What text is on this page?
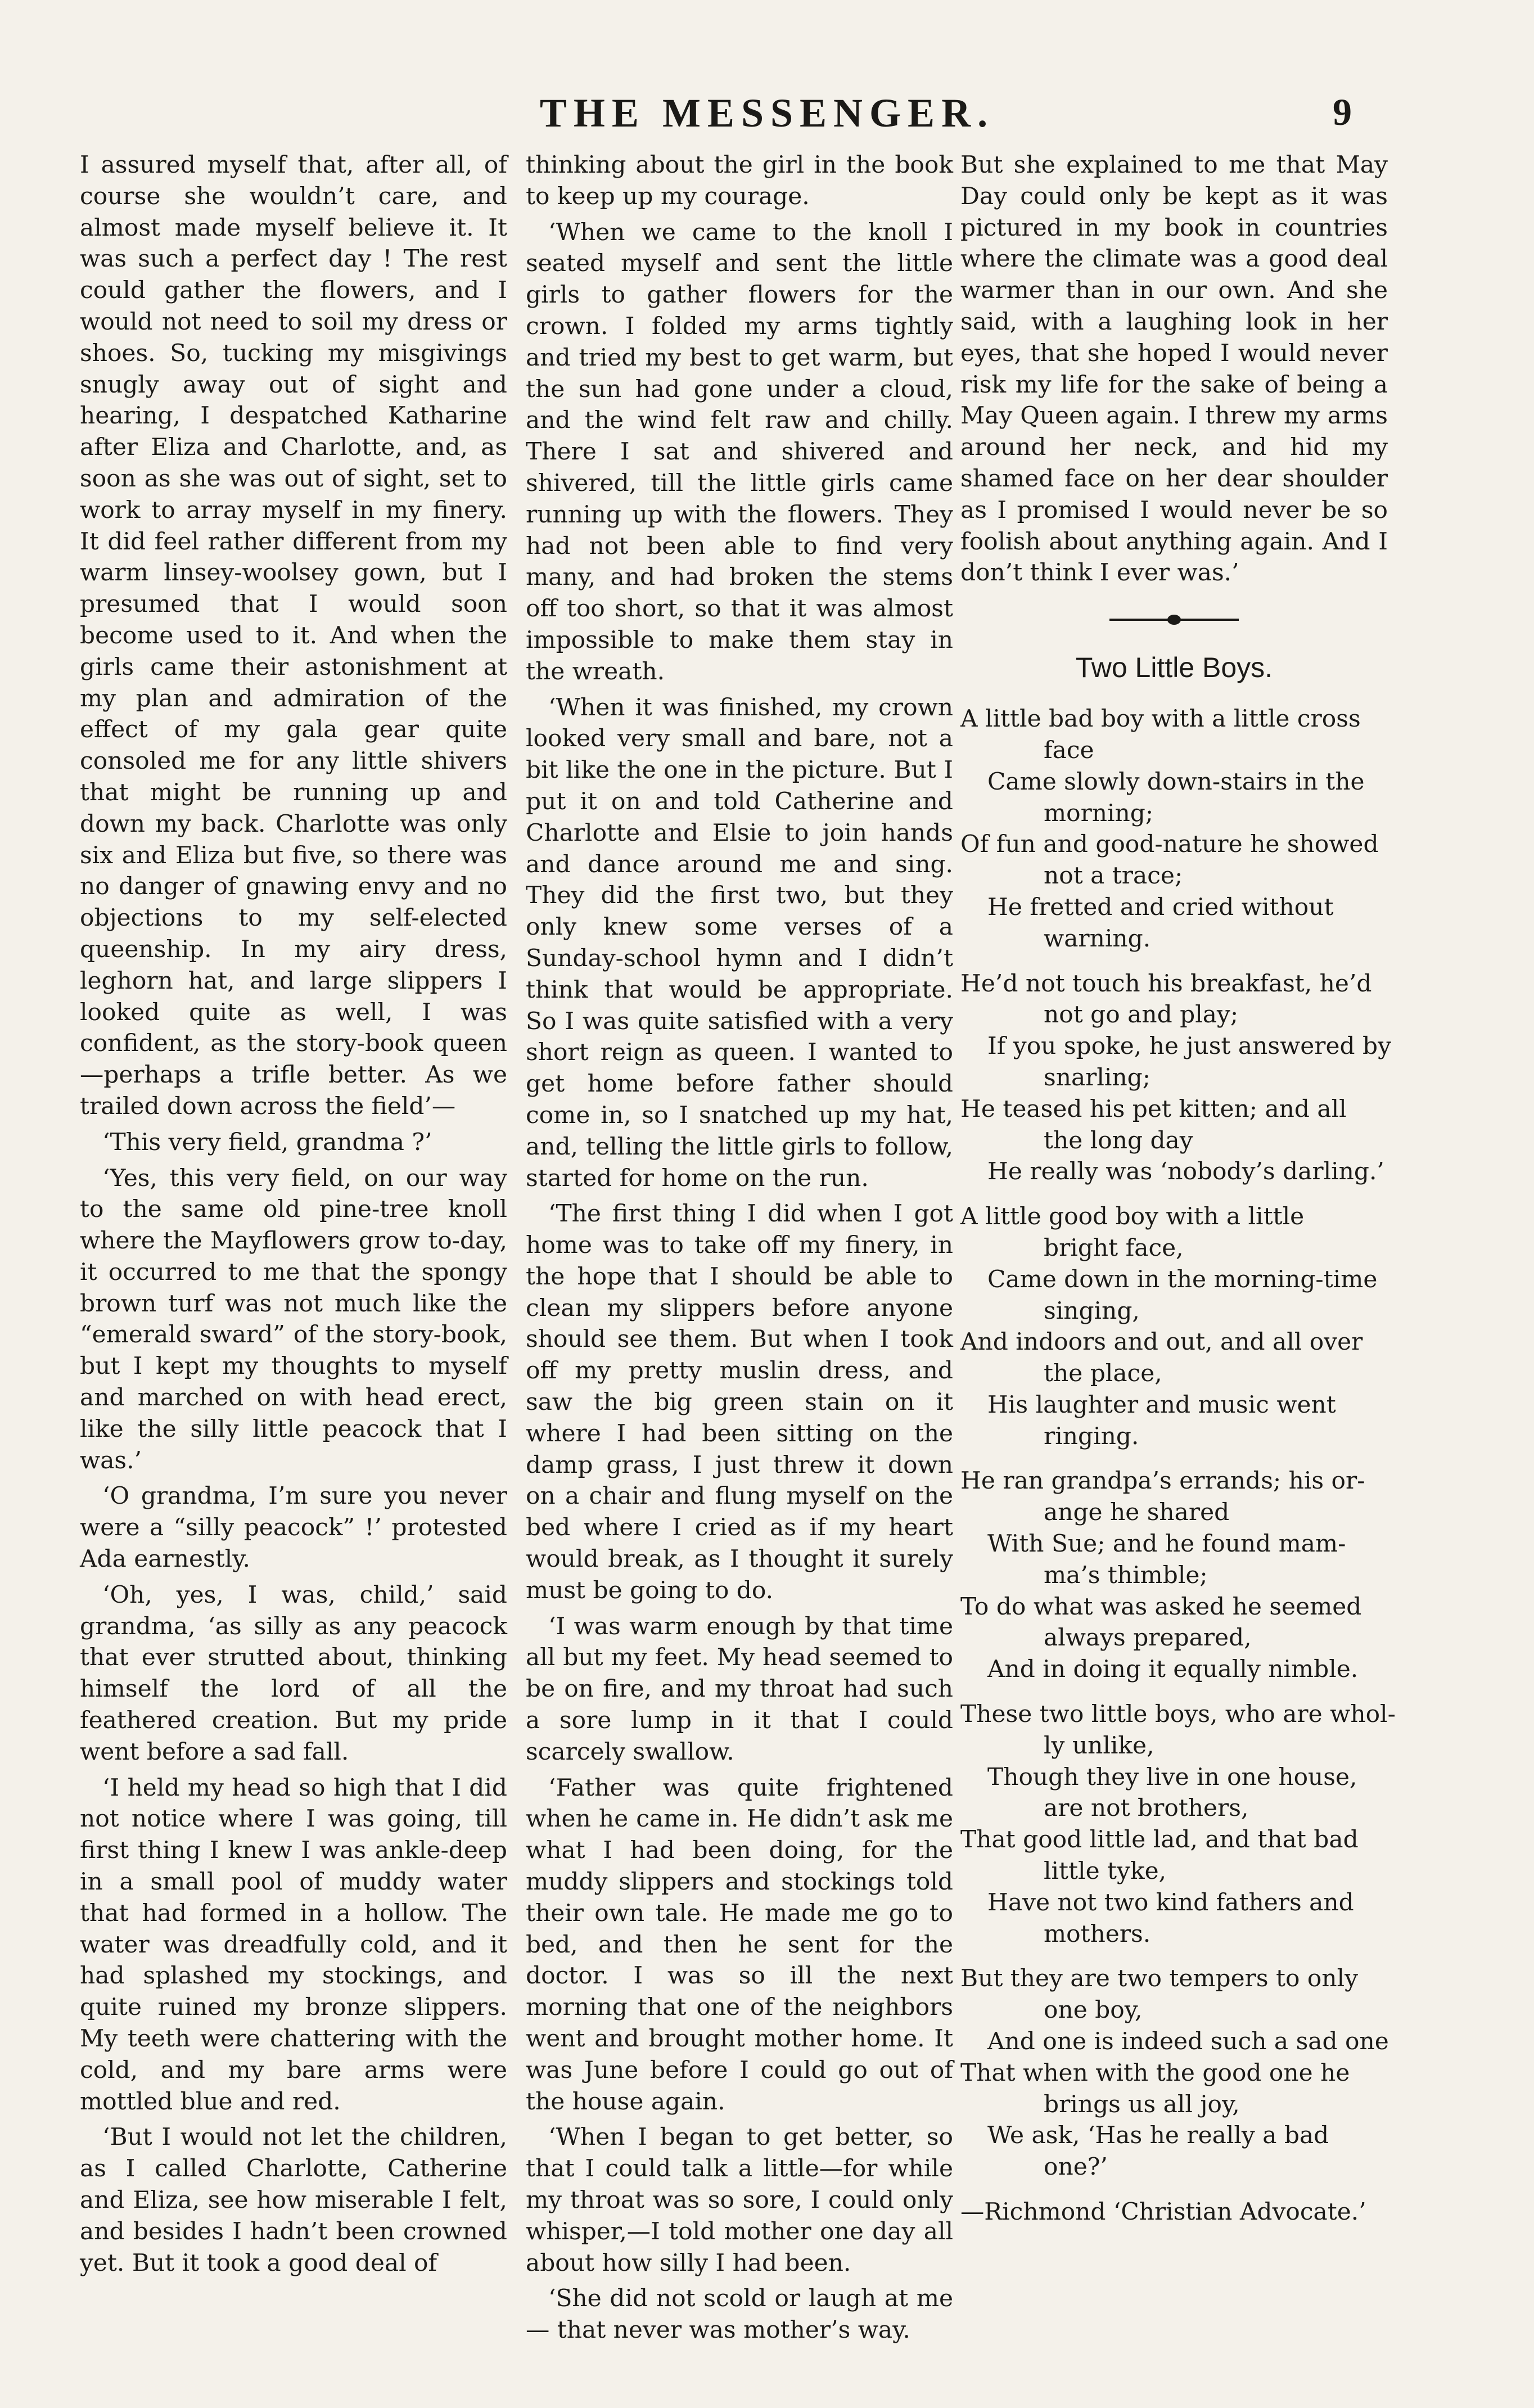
THE MESSENGER.	9

I assured myself that, after all, of course she wouldn’t care, and almost made myself believe it. It was such a perfect day ! The rest could gather the flowers, and I would not need to soil my dress or shoes. So, tucking my misgivings snugly away out of sight and hearing, I despatched Katharine after Eliza and Charlotte, and, as soon as she was out of sight, set to work to array myself in my finery. It did feel rather different from my warm linsey-woolsey gown, but I presumed that I would soon become used to it. And when the girls came their astonishment at my plan and admiration of the effect of my gala gear quite consoled me for any little shivers that might be running up and down my back. Charlotte was only six and Eliza but five, so there was no danger of gnawing envy and no objections to my self-elected queenship. In my airy dress, leghorn hat, and large slippers I looked quite as well, I was confident, as the story-book queen —perhaps a trifle better. As we trailed down across the field’—

‘This very field, grandma ?’

‘Yes, this very field, on our way to the same old pine-tree knoll where the Mayflowers grow to-day, it occurred to me that the spongy brown turf was not much like the “emerald sward” of the story-book, but I kept my thoughts to myself and marched on with head erect, like the silly little peacock that I was.’

‘O grandma, I’m sure you never were a “silly peacock” !’ protested Ada earnestly.

‘Oh, yes, I was, child,’ said grandma, ‘as silly as any peacock that ever strutted about, thinking himself the lord of all the feathered creation. But my pride went before a sad fall.

‘I held my head so high that I did not notice where I was going, till first thing I knew I was ankle-deep in a small pool of muddy water that had formed in a hollow. The water was dreadfully cold, and it had splashed my stockings, and quite ruined my bronze slippers. My teeth were chattering with the cold, and my bare arms were mottled blue and red.

‘But I would not let the children, as I called Charlotte, Catherine and Eliza, see how miserable I felt, and besides I hadn’t been crowned yet. But it took a good deal of

thinking about the girl in the book to keep up my courage.

‘When we came to the knoll I seated myself and sent the little girls to gather flowers for the crown. I folded my arms tightly and tried my best to get warm, but the sun had gone under a cloud, and the wind felt raw and chilly. There I sat and shivered and shivered, till the little girls came running up with the flowers. They had not been able to find very many, and had broken the stems off too short, so that it was almost impossible to make them stay in the wreath.

‘When it was finished, my crown looked very small and bare, not a bit like the one in the picture. But I put it on and told Catherine and Charlotte and Elsie to join hands and dance around me and sing. They did the first two, but they only knew some verses of a Sunday-school hymn and I didn’t think that would be appropriate. So I was quite satisfied with a very short reign as queen. I wanted to get home before father should come in, so I snatched up my hat, and, telling the little girls to follow, started for home on the run.

‘The first thing I did when I got home was to take off my finery, in the hope that I should be able to clean my slippers before anyone should see them. But when I took off my pretty muslin dress, and saw the big green stain on it where I had been sitting on the damp grass, I just threw it down on a chair and flung myself on the bed where I cried as if my heart would break, as I thought it surely must be going to do.

‘I was warm enough by that time all but my feet. My head seemed to be on fire, and my throat had such a sore lump in it that I could scarcely swallow.

‘Father was quite frightened when he came in. He didn’t ask me what I had been doing, for the muddy slippers and stockings told their own tale. He made me go to bed, and then he sent for the doctor. I was so ill the next morning that one of the neighbors went and brought mother home. It was June before I could go out of the house again.

‘When I began to get better, so that I could talk a little—for while my throat was so sore, I could only whisper,—I told mother one day all about how silly I had been.

‘She did not scold or laugh at me — that never was mother’s way.

But she explained to me that May Day could only be kept as it was pictured in my book in countries where the climate was a good deal warmer than in our own. And she said, with a laughing look in her eyes, that she hoped I would never risk my life for the sake of being a May Queen again. I threw my arms around her neck, and hid my shamed face on her dear shoulder as I promised I would never be so foolish about anything again. And I don’t think I ever was.’

Two Little Boys.
A little bad boy with a little cross
face
Came slowly down-stairs in the
morning;
Of fun and good-nature he showed
not a trace;
He fretted and cried without
warning.
He’d not touch his breakfast, he’d
not go and play;
If you spoke, he just answered by
snarling;
He teased his pet kitten; and all
the long day
He really was ‘nobody’s darling.’
A little good boy with a little
bright face,
Came down in the morning-time
singing,
And indoors and out, and all over
the place,
His laughter and music went
ringing.
He ran grandpa’s errands; his or-
ange he shared
With Sue; and he found mam-
ma’s thimble;
To do what was asked he seemed
always prepared,
And in doing it equally nimble.
These two little boys, who are whol-
ly unlike,
Though they live in one house,
are not brothers,
That good little lad, and that bad
little tyke,
Have not two kind fathers and
mothers.
But they are two tempers to only
one boy,
And one is indeed such a sad one
That when with the good one he
brings us all joy,
We ask, ‘Has he really a bad
one?’
—Richmond ‘Christian Advocate.’
